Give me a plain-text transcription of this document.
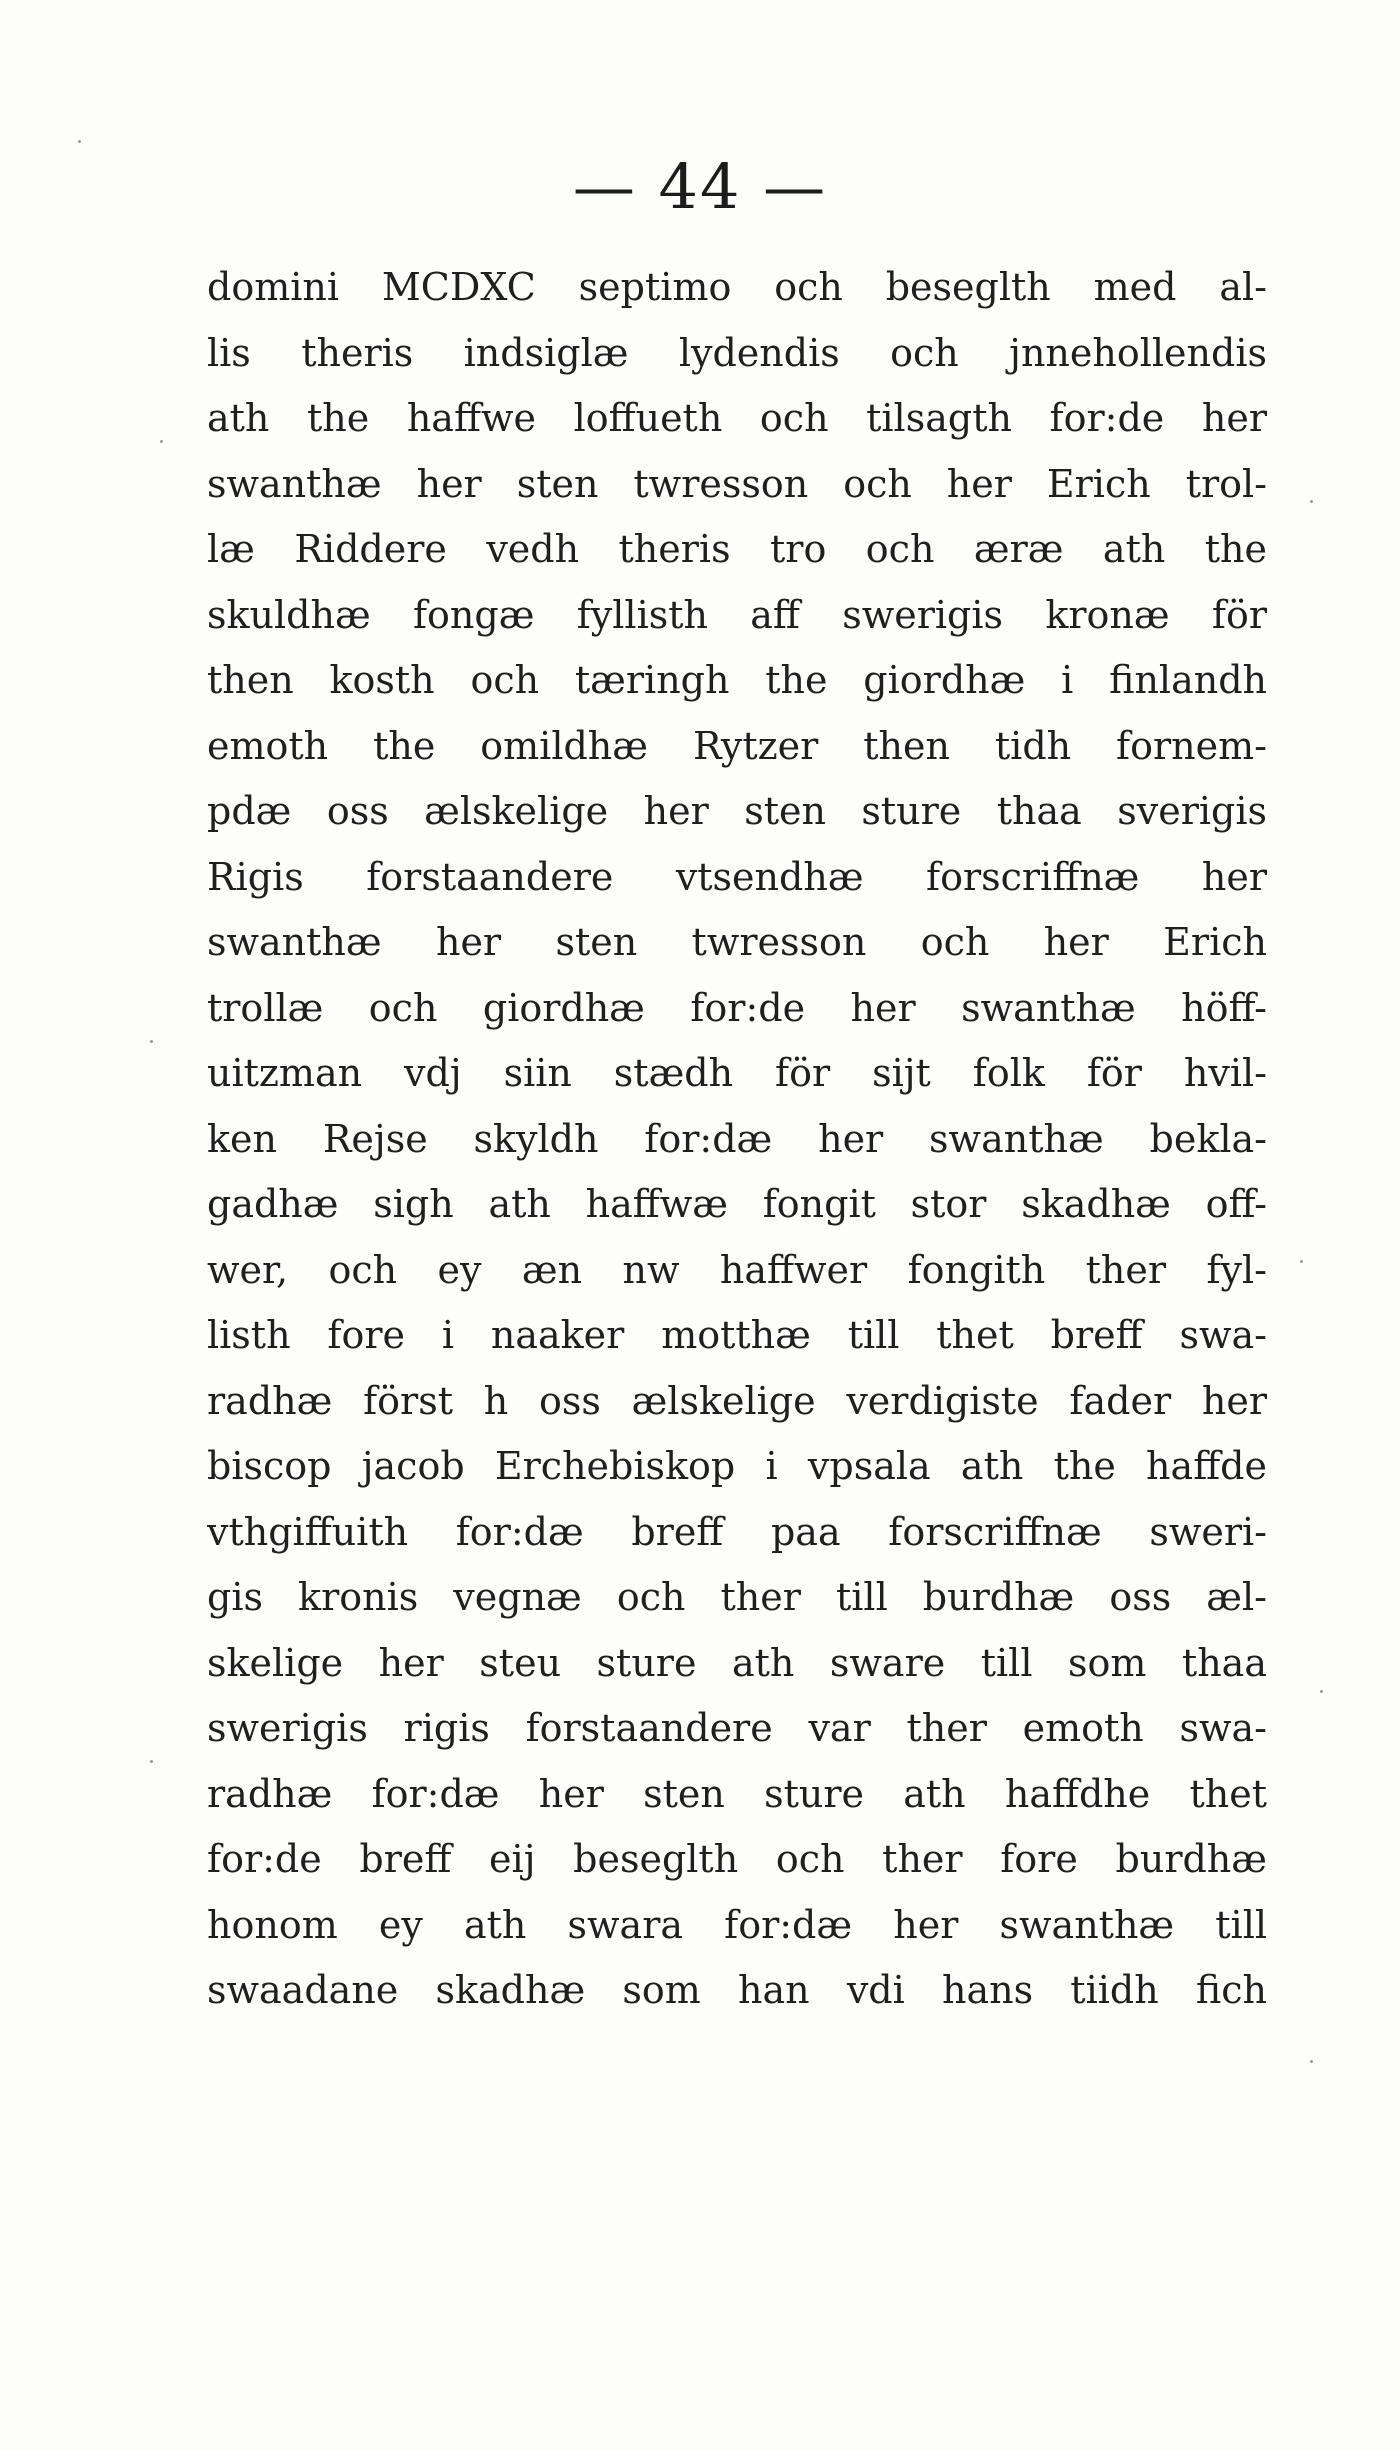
— 44 —
domini MCDXC septimo och beseglth med al-
lis theris indsiglæ lydendis och jnnehollendis
ath the haffwe loffueth och tilsagth for:de her
swanthæ her sten twresson och her Erich trol-
læ Riddere vedh theris tro och æræ ath the
skuldhæ fongæ fyllisth aff swerigis kronæ för
then kosth och tæringh the giordhæ i finlandh
emoth the omildhæ Rytzer then tidh fornem-
pdæ oss ælskelige her sten sture thaa sverigis
Rigis forstaandere vtsendhæ forscriffnæ her
swanthæ her sten twresson och her Erich
trollæ och giordhæ for:de her swanthæ höff-
uitzman vdj siin stædh för sijt folk för hvil-
ken Rejse skyldh for:dæ her swanthæ bekla-
gadhæ sigh ath haffwæ fongit stor skadhæ off-
wer, och ey æn nw haffwer fongith ther fyl-
listh fore i naaker motthæ till thet breff swa-
radhæ först h oss ælskelige verdigiste fader her
biscop jacob Erchebiskop i vpsala ath the haffde
vthgiffuith for:dæ breff paa forscriffnæ sweri-
gis kronis vegnæ och ther till burdhæ oss æl-
skelige her steu sture ath sware till som thaa
swerigis rigis forstaandere var ther emoth swa-
radhæ for:dæ her sten sture ath haffdhe thet
for:de breff eij beseglth och ther fore burdhæ
honom ey ath swara for:dæ her swanthæ till
swaadane skadhæ som han vdi hans tiidh fich
